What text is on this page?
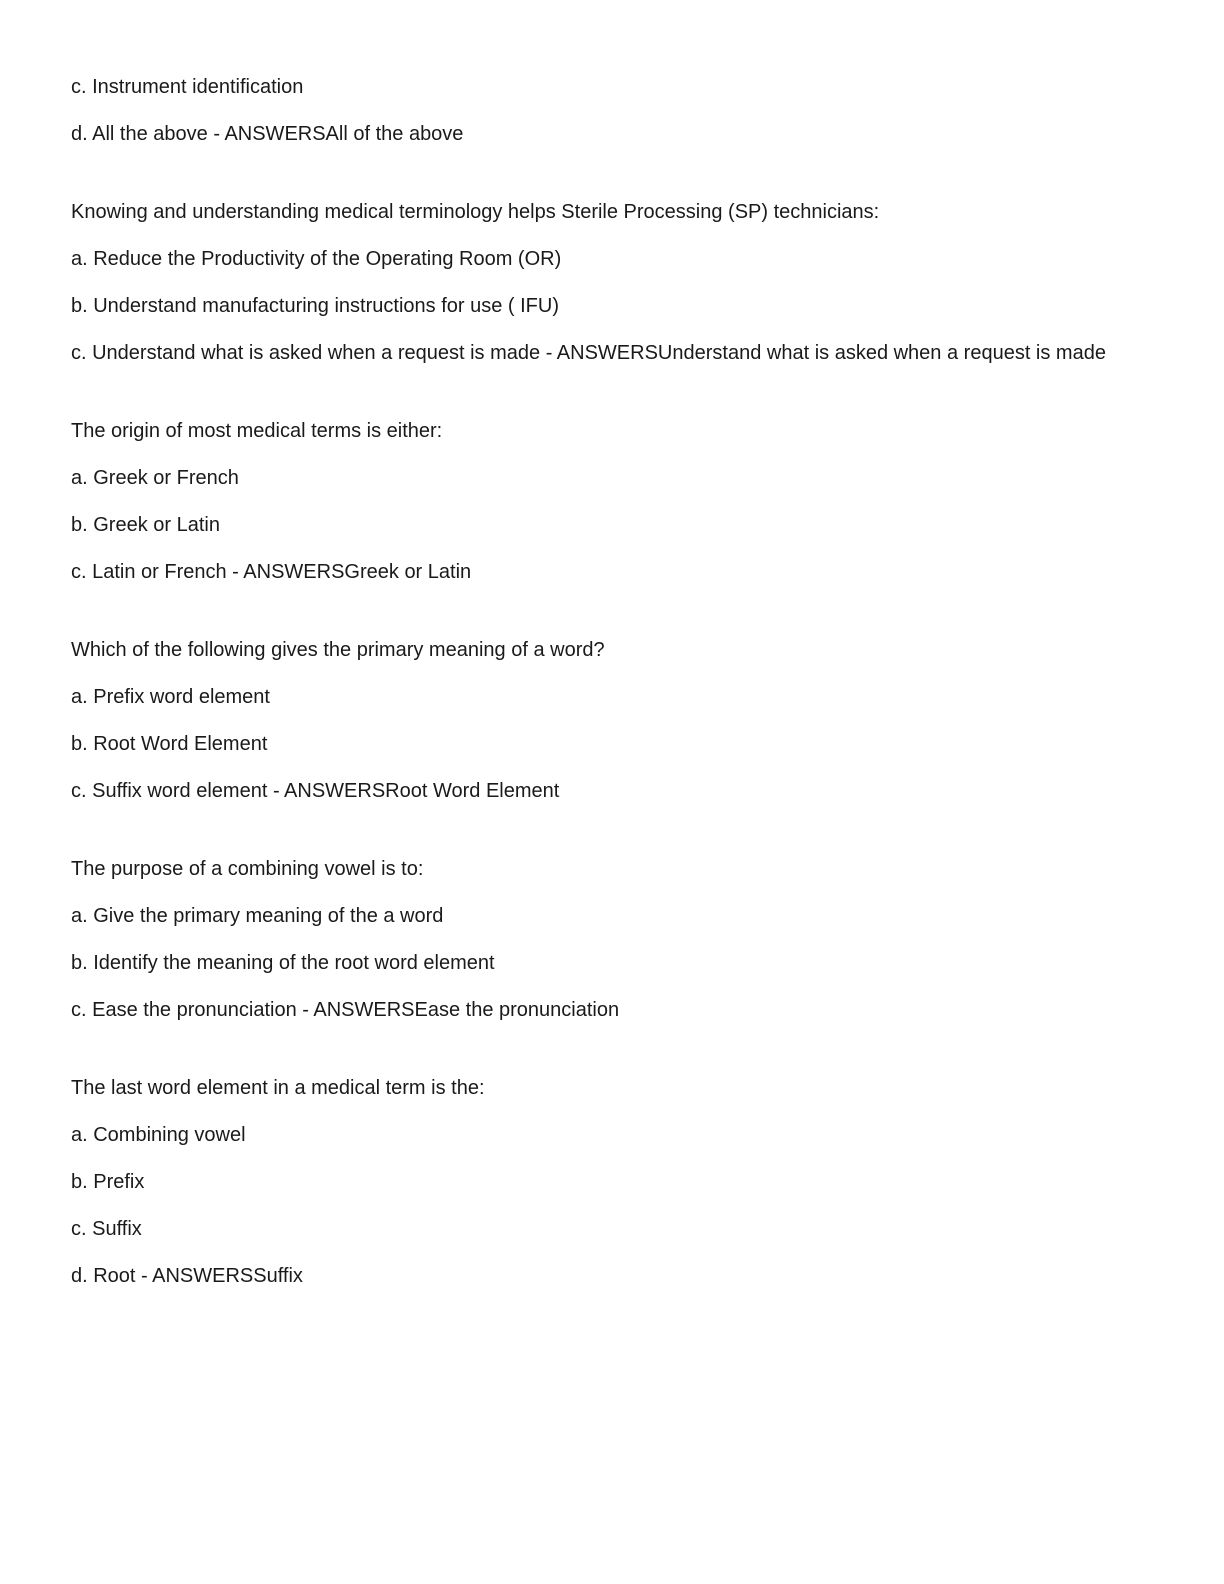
c. Instrument identification

d. All the above - ANSWERSAll of the above

Knowing and understanding medical terminology helps Sterile Processing (SP) technicians:

a. Reduce the Productivity of the Operating Room (OR)

b. Understand manufacturing instructions for use ( IFU)

c. Understand what is asked when a request is made - ANSWERSUnderstand what is asked when a request is made

The origin of most medical terms is either:

a. Greek or French

b. Greek or Latin

c. Latin or French - ANSWERSGreek or Latin

Which of the following gives the primary meaning of a word?

a. Prefix word element

b. Root Word Element

c. Suffix word element - ANSWERSRoot Word Element

The purpose of a combining vowel is to:

a. Give the primary meaning of the a word

b. Identify the meaning of the root word element

c. Ease the pronunciation - ANSWERSEase the pronunciation

The last word element in a medical term is the:

a. Combining vowel

b. Prefix

c. Suffix

d. Root - ANSWERSSuffix
